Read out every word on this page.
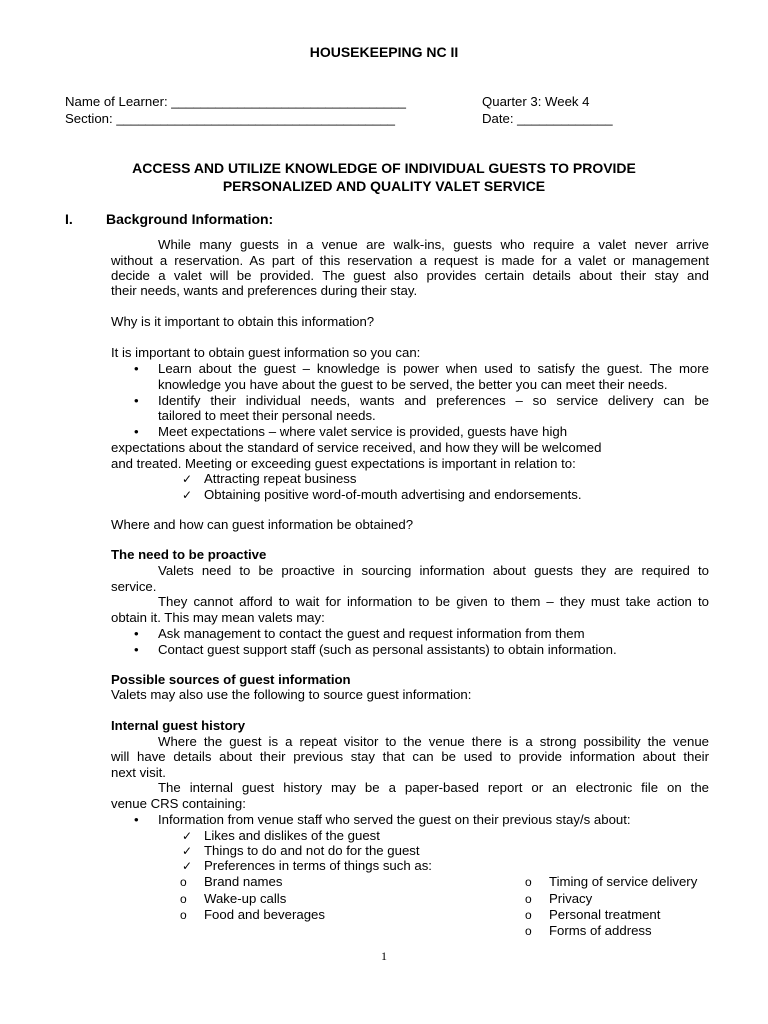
HOUSEKEEPING NC II
Name of Learner: ________________________________	Quarter 3: Week 4
Section: ______________________________________	Date: _____________
ACCESS AND UTILIZE KNOWLEDGE OF INDIVIDUAL GUESTS TO PROVIDE
PERSONALIZED AND QUALITY VALET SERVICE
I. Background Information:
While many guests in a venue are walk-ins, guests who require a valet never arrive
without a reservation. As part of this reservation a request is made for a valet or management
decide a valet will be provided. The guest also provides certain details about their stay and
their needs, wants and preferences during their stay.
Why is it important to obtain this information?
It is important to obtain guest information so you can:
• Learn about the guest – knowledge is power when used to satisfy the guest. The more
knowledge you have about the guest to be served, the better you can meet their needs.
• Identify their individual needs, wants and preferences – so service delivery can be
tailored to meet their personal needs.
• Meet expectations – where valet service is provided, guests have high
expectations about the standard of service received, and how they will be welcomed
and treated. Meeting or exceeding guest expectations is important in relation to:
✓ Attracting repeat business
✓ Obtaining positive word-of-mouth advertising and endorsements.
Where and how can guest information be obtained?
The need to be proactive
Valets need to be proactive in sourcing information about guests they are required to
service.
They cannot afford to wait for information to be given to them – they must take action to
obtain it. This may mean valets may:
• Ask management to contact the guest and request information from them
• Contact guest support staff (such as personal assistants) to obtain information.
Possible sources of guest information
Valets may also use the following to source guest information:
Internal guest history
Where the guest is a repeat visitor to the venue there is a strong possibility the venue
will have details about their previous stay that can be used to provide information about their
next visit.
The internal guest history may be a paper-based report or an electronic file on the
venue CRS containing:
• Information from venue staff who served the guest on their previous stay/s about:
✓ Likes and dislikes of the guest
✓ Things to do and not do for the guest
✓ Preferences in terms of things such as:
o Brand names
o Wake-up calls
o Food and beverages
o Timing of service delivery
o Privacy
o Personal treatment
o Forms of address
1
